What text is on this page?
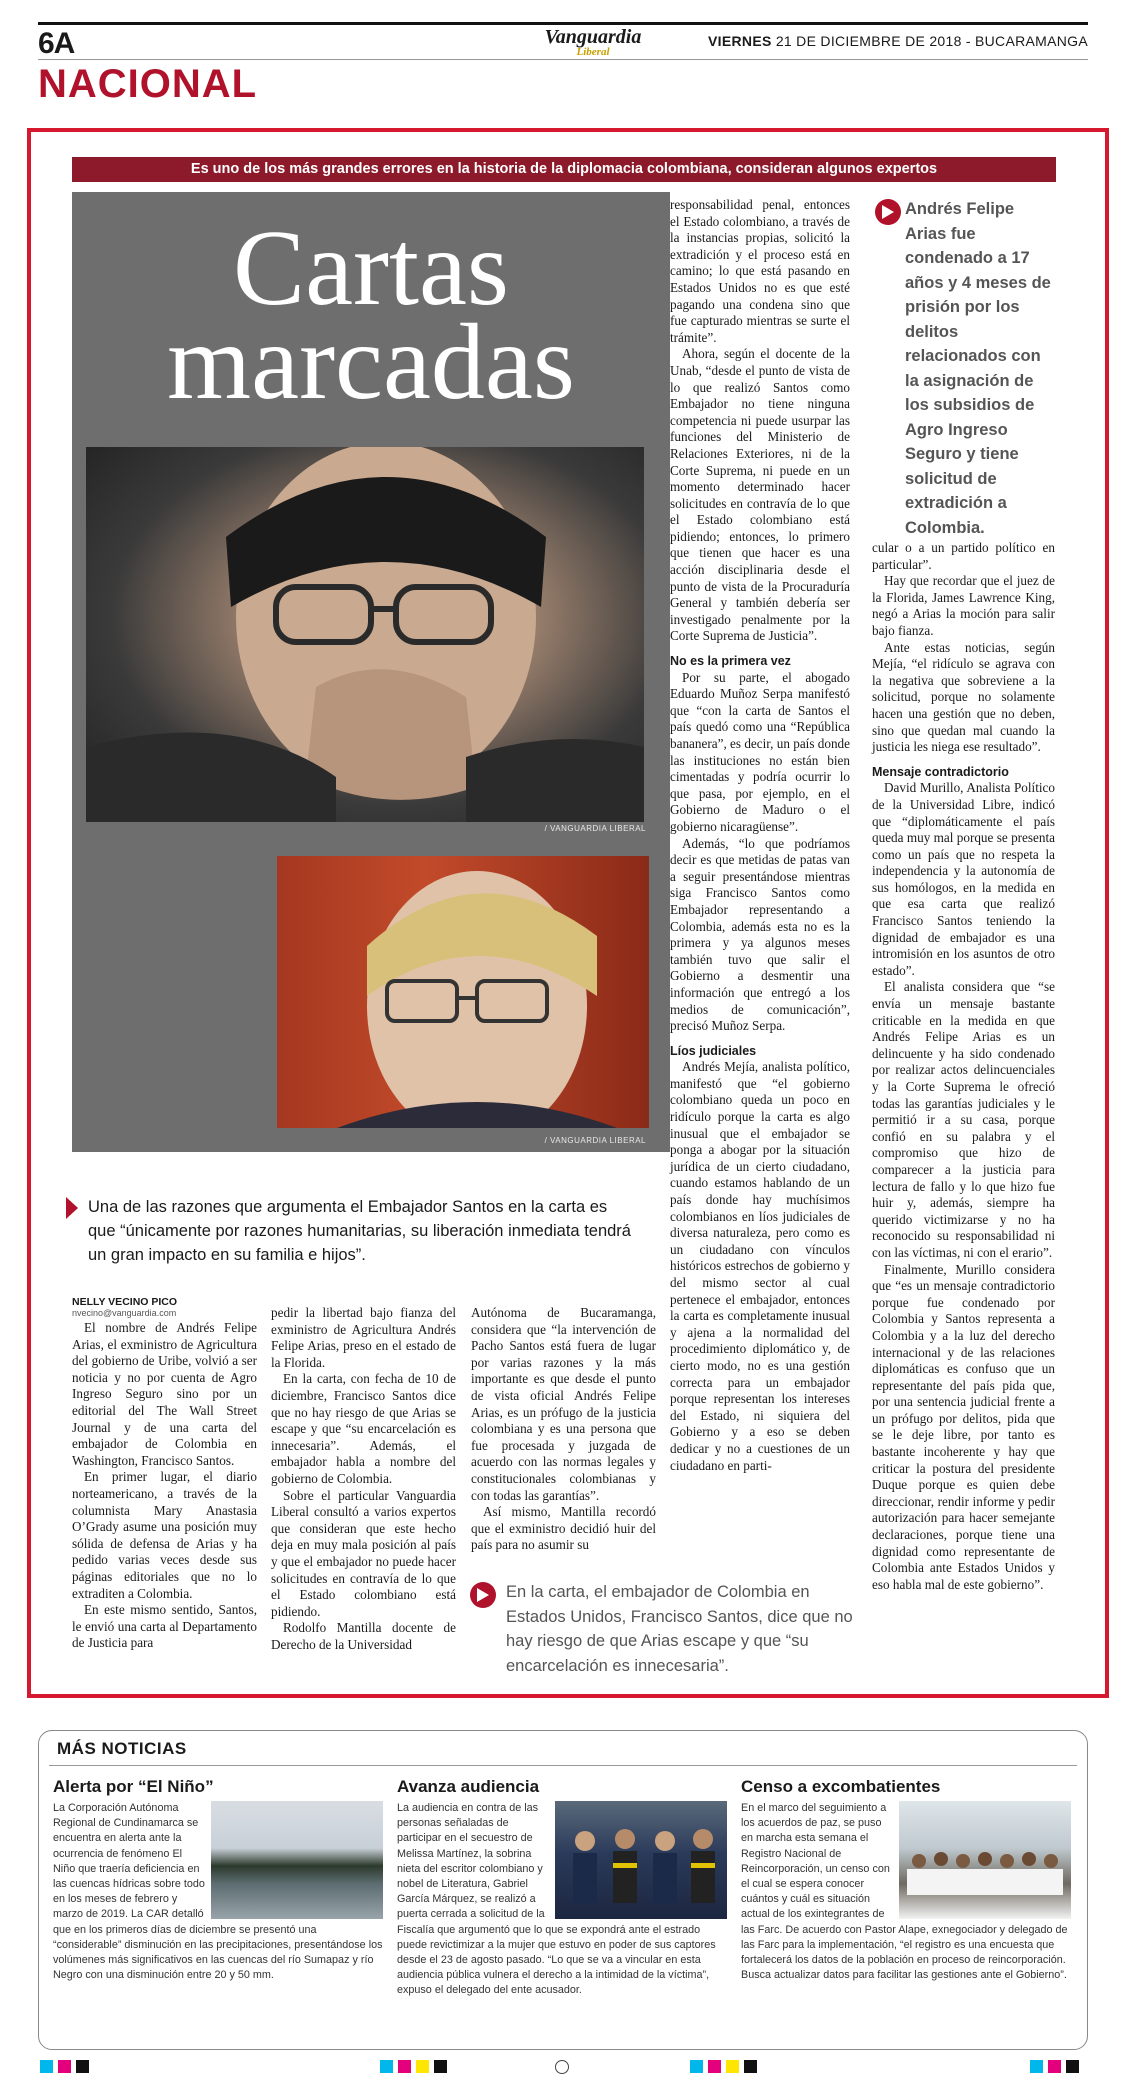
6A	Vanguardia
Liberal
VIERNES 21 DE DICIEMBRE DE 2018 - BUCARAMANGA
NACIONAL
Es uno de los más grandes errores en la historia de la diplomacia colombiana, consideran algunos expertos
Cartas
marcadas
/ VANGUARDIA LIBERAL
/ VANGUARDIA LIBERAL

Una de las razones que argumenta el Embajador Santos en la carta es que “únicamente por razones humanitarias, su liberación inmediata tendrá un gran impacto en su familia e hijos”.

NELLY VECINO PICO
nvecino@vanguardia.com

El nombre de Andrés Felipe Arias, el exministro de Agricultura del gobierno de Uribe, volvió a ser noticia y no por cuenta de Agro Ingreso Seguro sino por un editorial del The Wall Street Journal y de una carta del embajador de Colombia en Washington, Francisco Santos.

En primer lugar, el diario norteamericano, a través de la columnista Mary Anastasia O’Grady asume una posición muy sólida de defensa de Arias y ha pedido varias veces desde sus páginas editoriales que no lo extraditen a Colombia.

En este mismo sentido, Santos, le envió una carta al Departamento de Justicia para

pedir la libertad bajo fianza del exministro de Agricultura Andrés Felipe Arias, preso en el estado de la Florida.

En la carta, con fecha de 10 de diciembre, Francisco Santos dice que no hay riesgo de que Arias se escape y que “su encarcelación es innecesaria”. Además, el embajador habla a nombre del gobierno de Colombia.

Sobre el particular Vanguardia Liberal consultó a varios expertos que consideran que este hecho deja en muy mala posición al país y que el embajador no puede hacer solicitudes en contravía de lo que el Estado colombiano está pidiendo.

Rodolfo Mantilla docente de Derecho de la Universidad

Autónoma de Bucaramanga, considera que “la intervención de Pacho Santos está fuera de lugar por varias razones y la más importante es que desde el punto de vista oficial Andrés Felipe Arias, es un prófugo de la justicia colombiana y es una persona que fue procesada y juzgada de acuerdo con las normas legales y constitucionales colombianas y con todas las garantías”.

Así mismo, Mantilla recordó que el exministro decidió huir del país para no asumir su

En la carta, el embajador de Colombia en Estados Unidos, Francisco Santos, dice que no hay riesgo de que Arias escape y que “su encarcelación es innecesaria”.

responsabilidad penal, entonces el Estado colombiano, a través de la instancias propias, solicitó la extradición y el proceso está en camino; lo que está pasando en Estados Unidos no es que esté pagando una condena sino que fue capturado mientras se surte el trámite”.

Ahora, según el docente de la Unab, “desde el punto de vista de lo que realizó Santos como Embajador no tiene ninguna competencia ni puede usurpar las funciones del Ministerio de Relaciones Exteriores, ni de la Corte Suprema, ni puede en un momento determinado hacer solicitudes en contravía de lo que el Estado colombiano está pidiendo; entonces, lo primero que tienen que hacer es una acción disciplinaria desde el punto de vista de la Procuraduría General y también debería ser investigado penalmente por la Corte Suprema de Justicia”.

No es la primera vez

Por su parte, el abogado Eduardo Muñoz Serpa manifestó que “con la carta de Santos el país quedó como una “República bananera”, es decir, un país donde las instituciones no están bien cimentadas y podría ocurrir lo que pasa, por ejemplo, en el Gobierno de Maduro o el gobierno nicaragüense”.

Además, “lo que podríamos decir es que metidas de patas van a seguir presentándose mientras siga Francisco Santos como Embajador representando a Colombia, además esta no es la primera y ya algunos meses también tuvo que salir el Gobierno a desmentir una información que entregó a los medios de comunicación”, precisó Muñoz Serpa.

Líos judiciales

Andrés Mejía, analista político, manifestó que “el gobierno colombiano queda un poco en ridículo porque la carta es algo inusual que el embajador se ponga a abogar por la situación jurídica de un cierto ciudadano, cuando estamos hablando de un país donde hay muchísimos colombianos en líos judiciales de diversa naturaleza, pero como es un ciudadano con vínculos históricos estrechos de gobierno y del mismo sector al cual pertenece el embajador, entonces la carta es completamente inusual y ajena a la normalidad del procedimiento diplomático y, de cierto modo, no es una gestión correcta para un embajador porque representan los intereses del Estado, ni siquiera del Gobierno y a eso se deben dedicar y no a cuestiones de un ciudadano en parti-

Andrés Felipe Arias fue condenado a 17 años y 4 meses de prisión por los delitos relacionados con la asignación de los subsidios de Agro Ingreso Seguro y tiene solicitud de extradición a Colombia.

cular o a un partido político en particular”.

Hay que recordar que el juez de la Florida, James Lawrence King, negó a Arias la moción para salir bajo fianza.

Ante estas noticias, según Mejía, “el ridículo se agrava con la negativa que sobreviene a la solicitud, porque no solamente hacen una gestión que no deben, sino que quedan mal cuando la justicia les niega ese resultado”.

Mensaje contradictorio

David Murillo, Analista Político de la Universidad Libre, indicó que “diplomáticamente el país queda muy mal porque se presenta como un país que no respeta la independencia y la autonomía de sus homólogos, en la medida en que esa carta que realizó Francisco Santos teniendo la dignidad de embajador es una intromisión en los asuntos de otro estado”.

El analista considera que “se envía un mensaje bastante criticable en la medida en que Andrés Felipe Arias es un delincuente y ha sido condenado por realizar actos delincuenciales y la Corte Suprema le ofreció todas las garantías judiciales y le permitió ir a su casa, porque confió en su palabra y el compromiso que hizo de comparecer a la justicia para lectura de fallo y lo que hizo fue huir y, además, siempre ha querido victimizarse y no ha reconocido su responsabilidad ni con las víctimas, ni con el erario”.

Finalmente, Murillo considera que “es un mensaje contradictorio porque fue condenado por Colombia y Santos representa a Colombia y a la luz del derecho internacional y de las relaciones diplomáticas es confuso que un representante del país pida que, por una sentencia judicial frente a un prófugo por delitos, pida que se le deje libre, por tanto es bastante incoherente y hay que criticar la postura del presidente Duque porque es quien debe direccionar, rendir informe y pedir autorización para hacer semejante declaraciones, porque tiene una dignidad como representante de Colombia ante Estados Unidos y eso habla mal de este gobierno”.

MÁS NOTICIAS
Alerta por “El Niño”
La Corporación Autónoma Regional de Cundinamarca se encuentra en alerta ante la ocurrencia de fenómeno El Niño que traería deficiencia en las cuencas hídricas sobre todo en los meses de febrero y marzo de 2019. La CAR detalló que en los primeros días de diciembre se presentó una “considerable” disminución en las precipitaciones, presentándose los volúmenes más significativos en las cuencas del río Sumapaz y río Negro con una disminución entre 20 y 50 mm.
Avanza audiencia
La audiencia en contra de las personas señaladas de participar en el secuestro de Melissa Martínez, la sobrina nieta del escritor colombiano y nobel de Literatura, Gabriel García Márquez, se realizó a puerta cerrada a solicitud de la Fiscalía que argumentó que lo que se expondrá ante el estrado puede revictimizar a la mujer que estuvo en poder de sus captores desde el 23 de agosto pasado. “Lo que se va a vincular en esta audiencia pública vulnera el derecho a la intimidad de la víctima”, expuso el delegado del ente acusador.
Censo a excombatientes
En el marco del seguimiento a los acuerdos de paz, se puso en marcha esta semana el Registro Nacional de Reincorporación, un censo con el cual se espera conocer cuántos y cuál es situación actual de los exintegrantes de las Farc. De acuerdo con Pastor Alape, exnegociador y delegado de las Farc para la implementación, “el registro es una encuesta que fortalecerá los datos de la población en proceso de reincorporación. Busca actualizar datos para facilitar las gestiones ante el Gobierno”.
